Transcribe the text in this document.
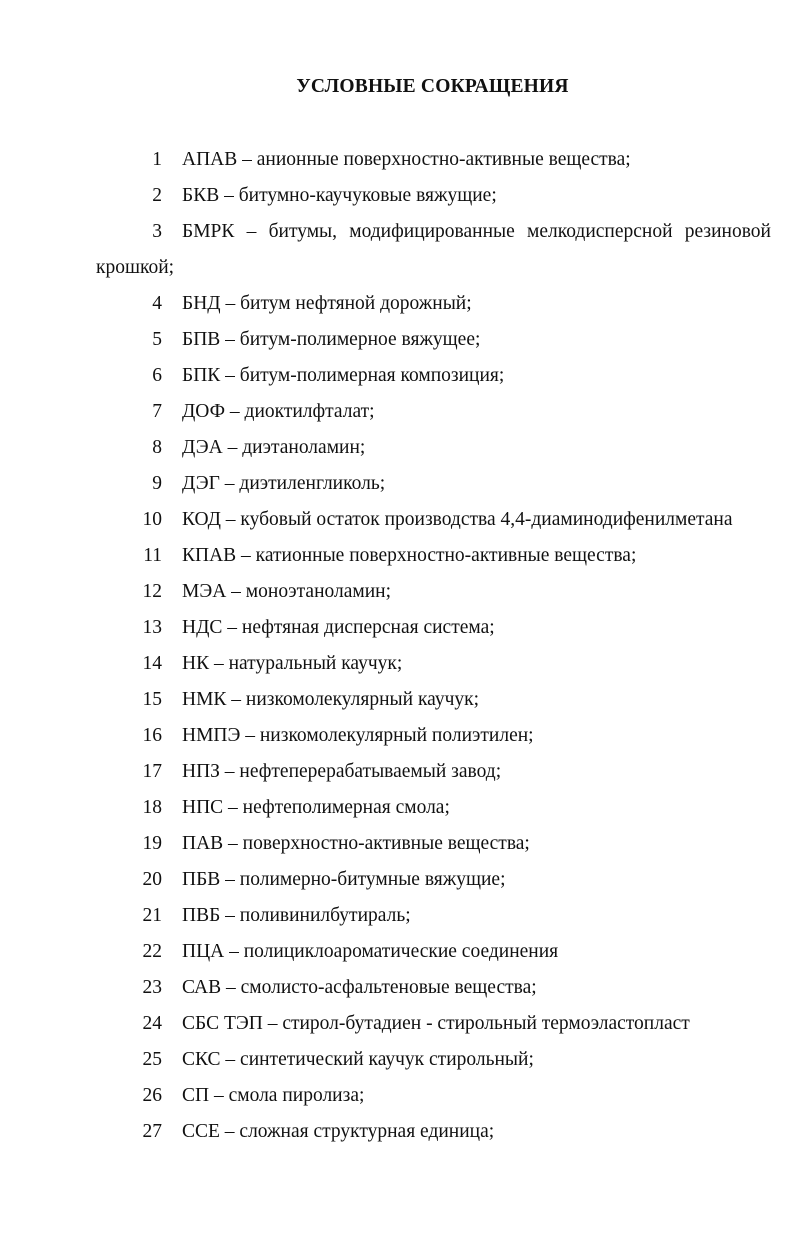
УСЛОВНЫЕ СОКРАЩЕНИЯ
1 АПАВ – анионные поверхностно-активные вещества;
2 БКВ – битумно-каучуковые вяжущие;
3 БМРК – битумы, модифицированные мелкодисперсной резиновой
крошкой;
4 БНД – битум нефтяной дорожный;
5 БПВ – битум-полимерное вяжущее;
6 БПК – битум-полимерная композиция;
7 ДОФ – диоктилфталат;
8 ДЭА – диэтаноламин;
9 ДЭГ – диэтиленгликоль;
10 КОД – кубовый остаток производства 4,4-диаминодифенилметана
11 КПАВ – катионные поверхностно-активные вещества;
12 МЭА – моноэтаноламин;
13 НДС – нефтяная дисперсная система;
14 НК – натуральный каучук;
15 НМК – низкомолекулярный каучук;
16 НМПЭ – низкомолекулярный полиэтилен;
17 НПЗ – нефтеперерабатываемый завод;
18 НПС – нефтеполимерная смола;
19 ПАВ – поверхностно-активные вещества;
20 ПБВ – полимерно-битумные вяжущие;
21 ПВБ – поливинилбутираль;
22 ПЦА – полициклоароматические соединения
23 САВ – смолисто-асфальтеновые вещества;
24 СБС ТЭП – стирол-бутадиен - стирольный термоэластопласт
25 СКС – синтетический каучук стирольный;
26 СП – смола пиролиза;
27 ССЕ – сложная структурная единица;
